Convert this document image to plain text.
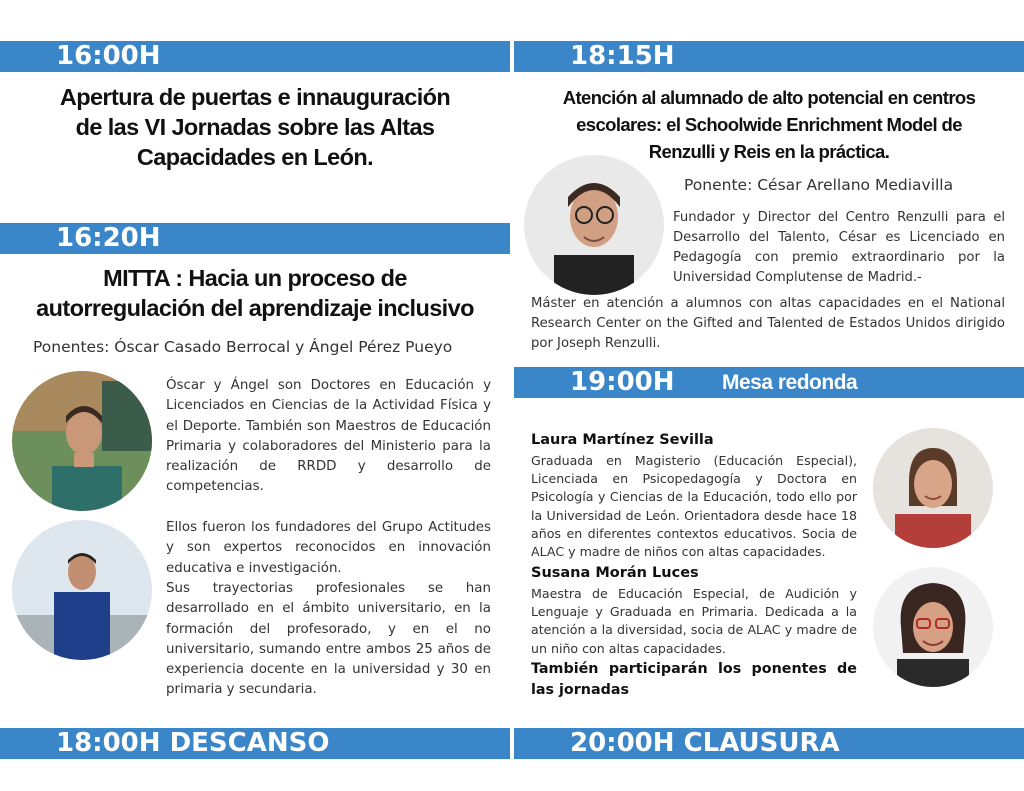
16:00H
Apertura de puertas e innauguración
de las VI Jornadas sobre las Altas
Capacidades en León.
16:20H
MITTA : Hacia un proceso de
autorregulación del aprendizaje inclusivo
Ponentes: Óscar Casado Berrocal y Ángel Pérez Pueyo

Óscar y Ángel son Doctores en Educación y Licenciados en Ciencias de la Actividad Física y el Deporte. También son Maestros de Educación Primaria y colaboradores del Ministerio para la realización de RRDD y desarrollo de competencias.

Ellos fueron los fundadores del Grupo Actitudes y son expertos reconocidos en innovación educativa e investigación.

Sus trayectorias profesionales se han desarrollado en el ámbito universitario, en la formación del profesorado, y en el no universitario, sumando entre ambos 25 años de experiencia docente en la universidad y 30 en primaria y secundaria.

18:00H DESCANSO
18:15H
Atención al alumnado de alto potencial en centros
escolares: el Schoolwide Enrichment Model de
Renzulli y Reis en la práctica.
Ponente: César Arellano Mediavilla

Fundador y Director del Centro Renzulli para el Desarrollo del Talento, César es Licenciado en Pedagogía con premio extraordinario por la Universidad Complutense de Madrid.-

Máster en atención a alumnos con altas capacidades en el National Research Center on the Gifted and Talented de Estados Unidos dirigido por Joseph Renzulli.

19:00H Mesa redonda
Laura Martínez Sevilla

Graduada en Magisterio (Educación Especial), Licenciada en Psicopedagogía y Doctora en Psicología y Ciencias de la Educación, todo ello por la Universidad de León. Orientadora desde hace 18 años en diferentes contextos educativos. Socia de ALAC y madre de niños con altas capacidades.

Susana Morán Luces

Maestra de Educación Especial, de Audición y Lenguaje y Graduada en Primaria. Dedicada a la atención a la diversidad, socia de ALAC y madre de un niño con altas capacidades.

También participarán los ponentes de las jornadas

20:00H CLAUSURA
